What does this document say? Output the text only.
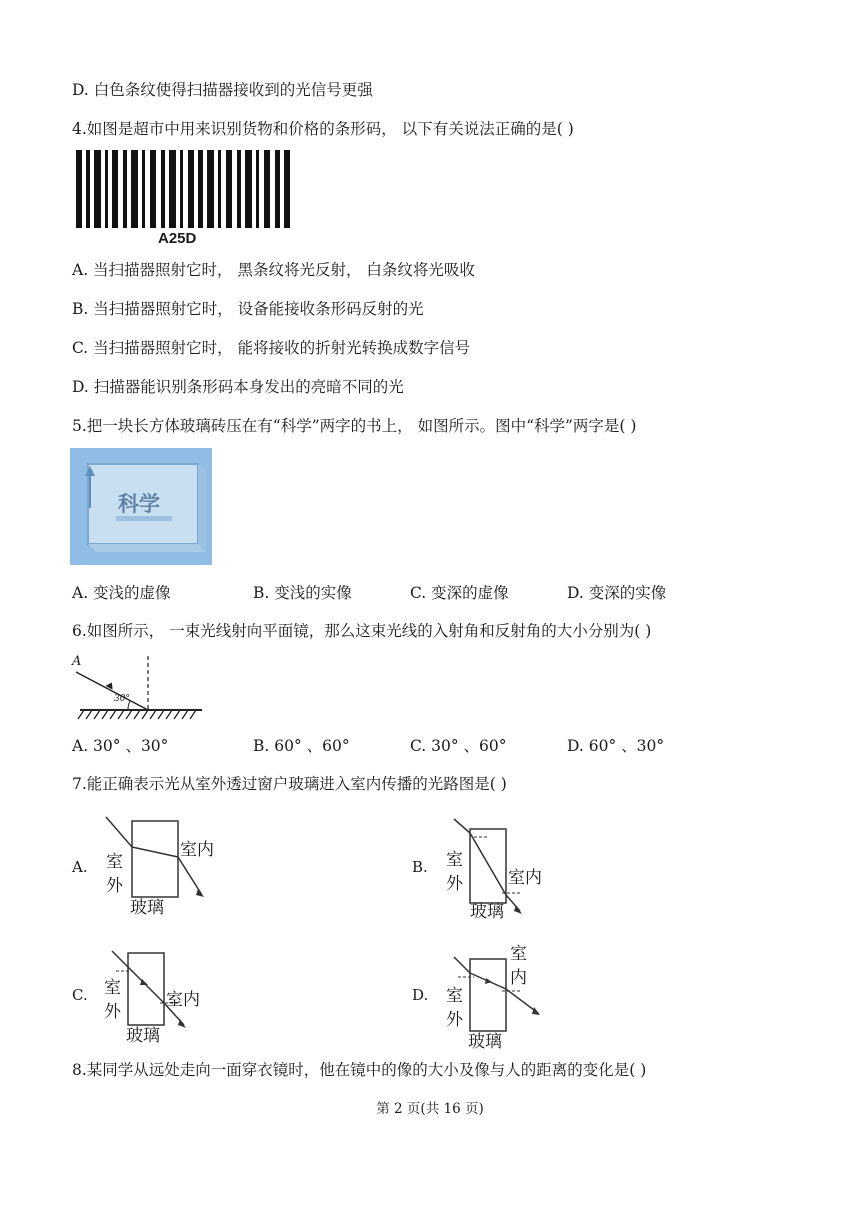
D. 白色条纹使得扫描器接收到的光信号更强
4.如图是超市中用来识别货物和价格的条形码， 以下有关说法正确的是( )
A25D
A. 当扫描器照射它时， 黑条纹将光反射， 白条纹将光吸收
B. 当扫描器照射它时， 设备能接收条形码反射的光
C. 当扫描器照射它时， 能将接收的折射光转换成数字信号
D. 扫描器能识别条形码本身发出的亮暗不同的光
5.把一块长方体玻璃砖压在有“科学”两字的书上， 如图所示。图中“科学”两字是( )
科学
A. 变浅的虚像	B. 变浅的实像	C. 变深的虚像	D. 变深的实像
6.如图所示， 一束光线射向平面镜，那么这束光线的入射角和反射角的大小分别为( )
A
30°
A. 30° 、30°	B. 60° 、60°	C. 30° 、60°	D. 60° 、30°
7.能正确表示光从室外透过窗户玻璃进入室内传播的光路图是( )
A. 室
外
室内
玻璃
B. 室
外	室内
玻璃
C. 室
外
室内
玻璃
D. 室
外
室
内
玻璃
8.某同学从远处走向一面穿衣镜时，他在镜中的像的大小及像与人的距离的变化是( )
第 2 页(共 16 页)
